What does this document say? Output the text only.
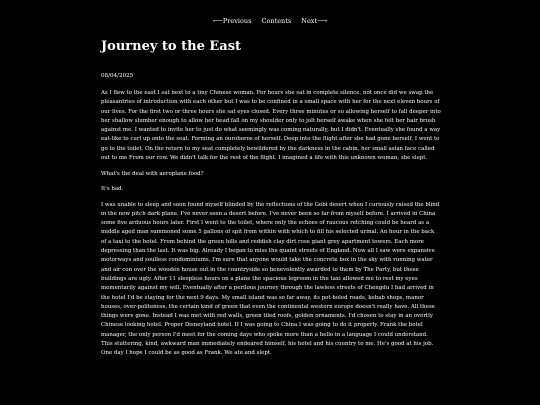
⟵Previous Contents Next⟶
Journey to the East
08/04/2025

As I flew to the east I sat next to a tiny Chinese woman. For hours she sat in complete silence, not once did we swap the pleasantries of introduction with each other but I was to be confined in a small space with her for the next eleven hours of our lives. For the first two or three hours she sat eyes closed. Every three minutes or so allowing herself to fall deeper into her shallow slumber enough to allow her head fall on my shoulder only to jolt herself awake when she felt her hair brush against me. I wanted to invite her to just do what seemingly was coming naturally, but I didn't. Eventually she found a way eat-like to curl up onto the seat. Forming an ouroboros of herself. Deep into the flight after she had gone herself, I went to go to the toilet. On the return to my seat completely bewildered by the darkness in the cabin, her small asian face called out to me From our row. We didn't talk for the rest of the flight. I imagined a life with this unknown woman, she slept.

What's the deal with aeroplane food?

It's bad.

I was unable to sleep and soon found myself blinded by the reflections of the Gobi desert when I curiously raised the blind in the now pitch dark plane. I've never seen a desert before. I've never been so far from myself before. I arrived in China some five arduous hours later. First I went to the toilet, where only the echoes of raucous retching could be heard as a middle aged man summoned some 5 gallons of spit from within with which to fill his selected urinal. An hour in the back of a taxi to the hotel. From behind the green hills and reddish clay dirt rose giant grey apartment towers. Each more depressing than the last. It was big. Already I began to miss the quaint streets of England. Now all I saw were expansive motorways and soulless condominiums. I'm sure that anyone would take the concrete box in the sky with running water and air con over the wooden house out in the countryside so benevolently awarded to them by The Party, but these buildings are ugly. After 11 sleepless hours on a plane the spacious legroom in the taxi allowed me to rest my eyes momentarily against my will. Eventually after a perilous journey through the lawless streets of Chengdu I had arrived in the hotel I'd be staying for the next 9 days. My small island was so far away, its pot-holed roads, kebab shops, manor houses, over-politeness, the certain kind of green that even the continental western europe doesn't really have. All these things were gone. Instead I was met with red walls, green tiled roofs, golden ornaments. I'd chosen to stay in an overtly Chinese looking hotel. Proper Disneyland hotel. If I was going to China I was going to do it properly. Frank the hotel manager, the only person I'd meet for the coming days who spoke more than a hello in a language I could understand. This stuttering, kind, awkward man immediately endeared himself, his hotel and his country to me. He's good at his job. One day I hope I could be as good as Frank. We ate and slept.
